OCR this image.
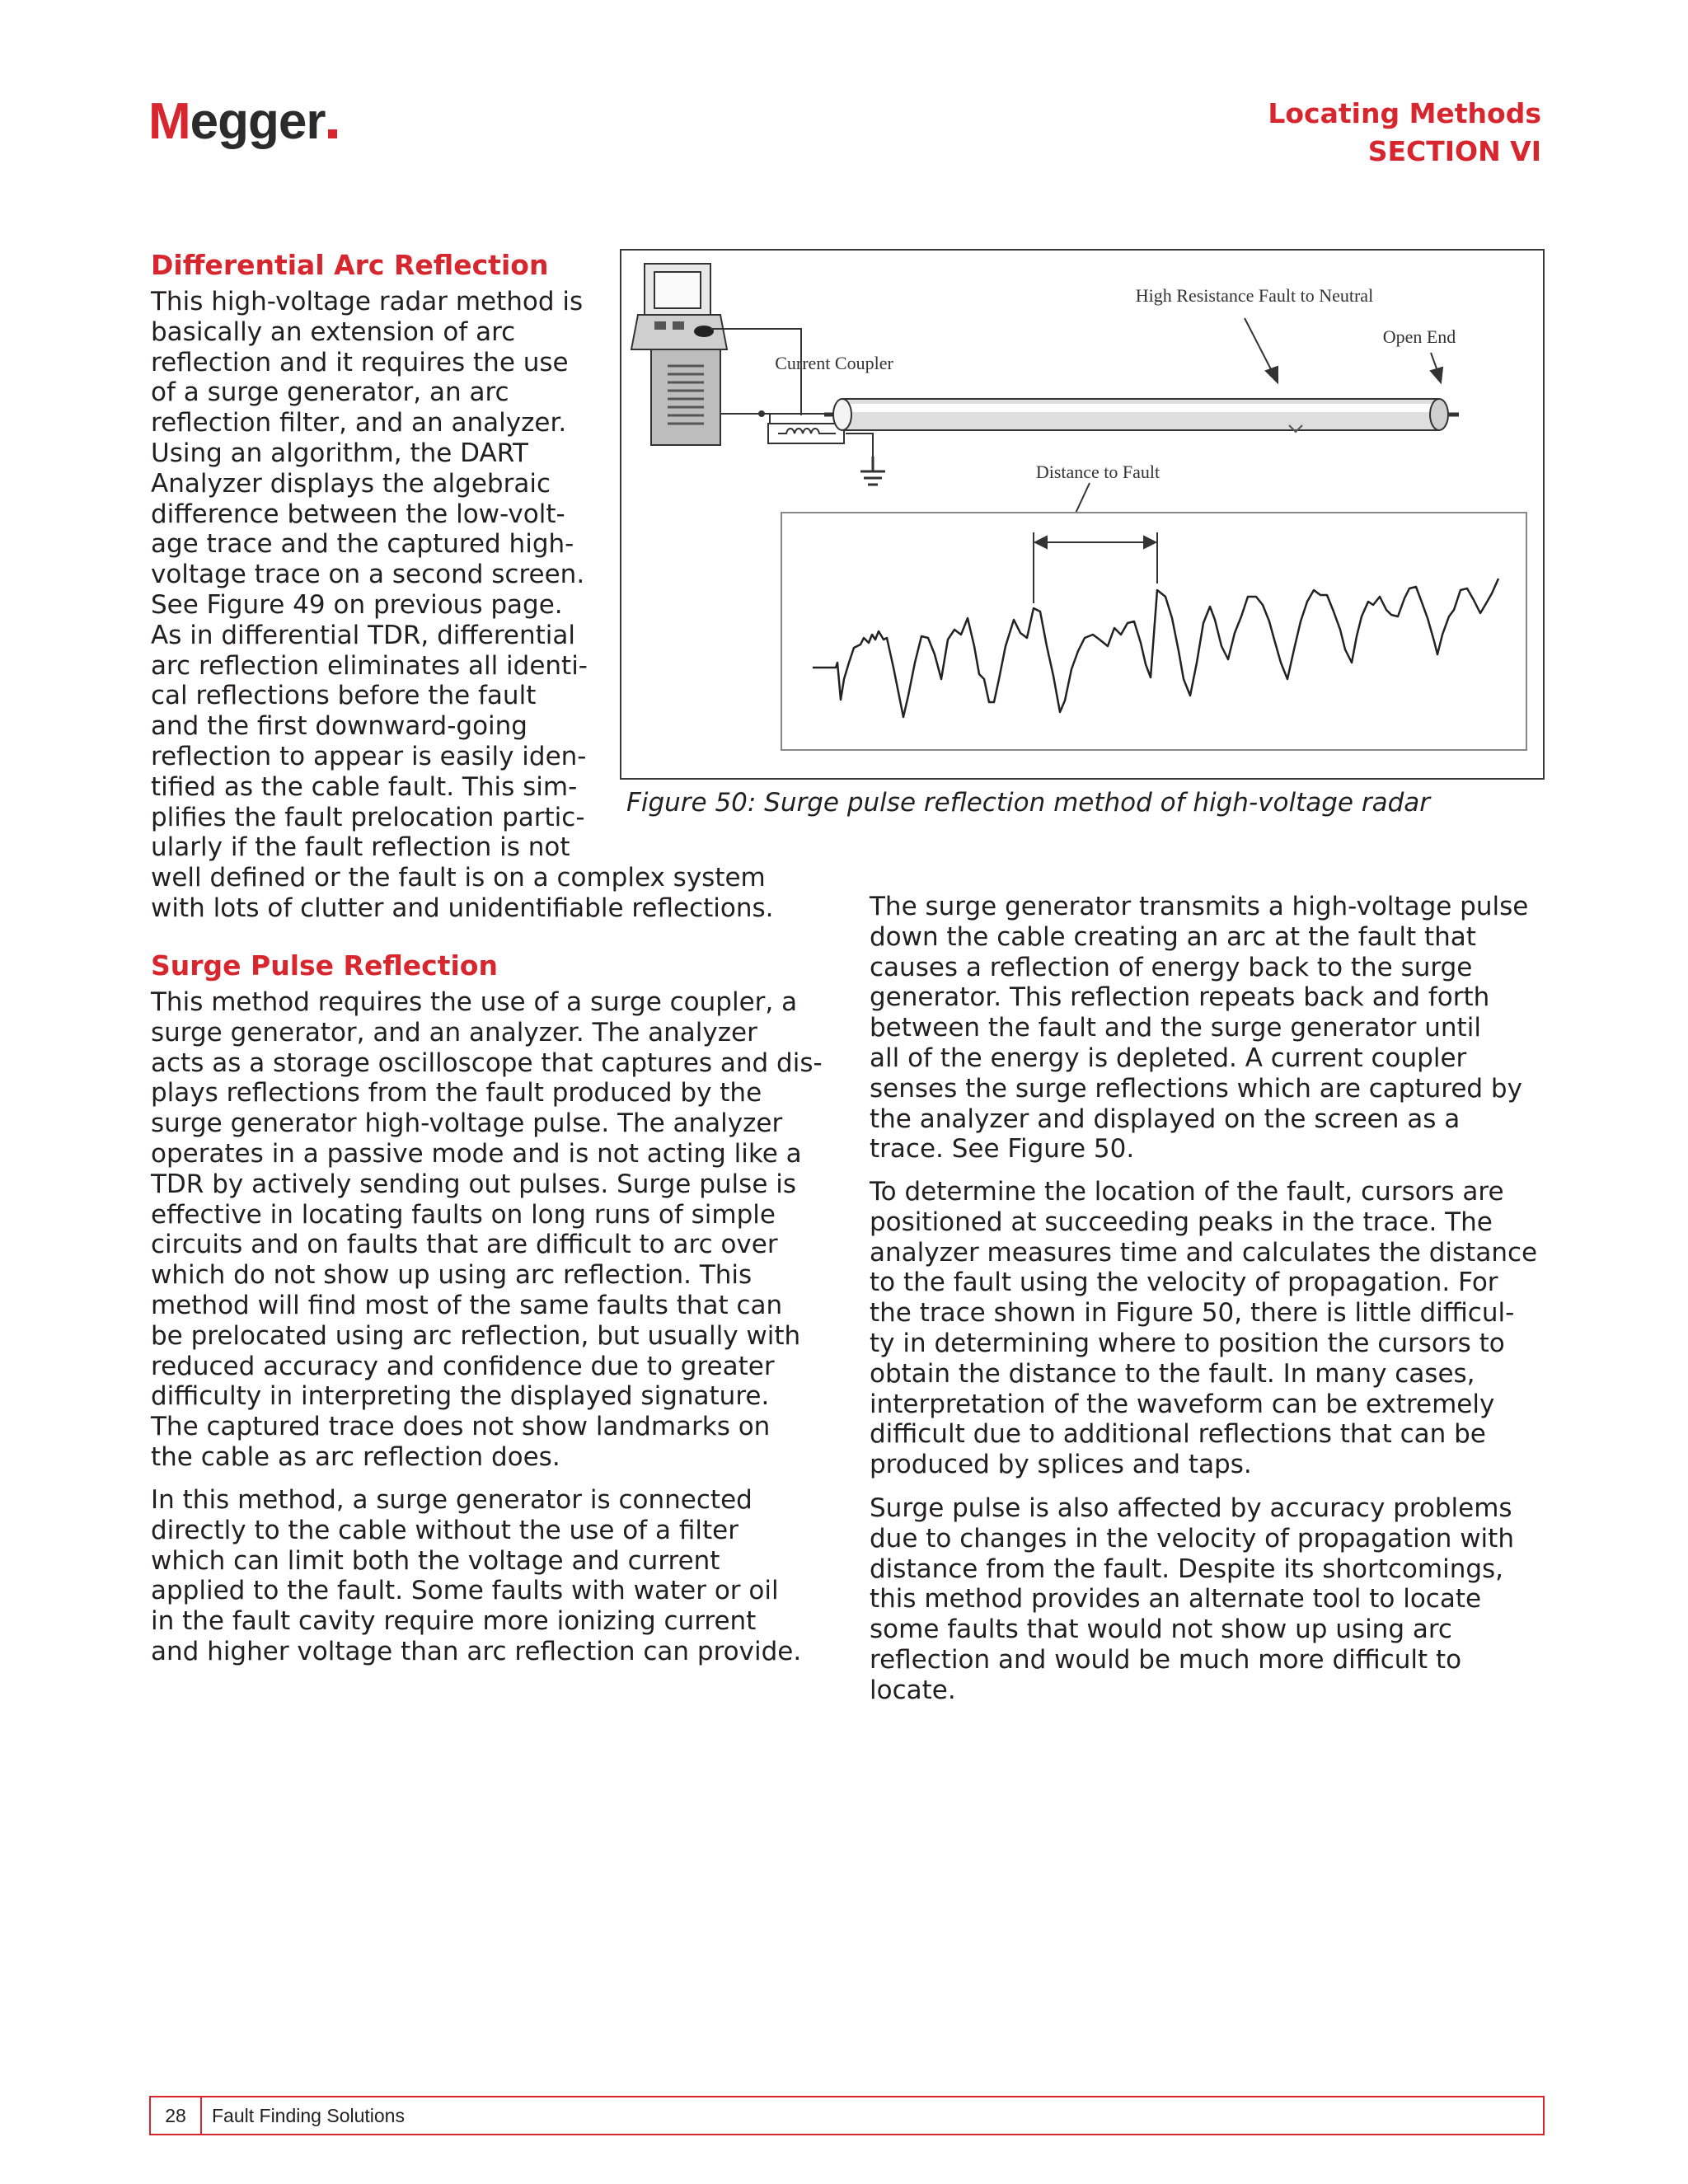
Megger	Locating Methods
SECTION VI
Differential Arc Reflection
This high-voltage radar method is
basically an extension of arc
reflection and it requires the use
of a surge generator, an arc
reflection filter, and an analyzer.
Using an algorithm, the DART
Analyzer displays the algebraic
difference between the low-volt-
age trace and the captured high-
voltage trace on a second screen.
See Figure 49 on previous page.
As in differential TDR, differential
arc reflection eliminates all identi-
cal reflections before the fault
and the first downward-going
reflection to appear is easily iden-
tified as the cable fault. This sim-
plifies the fault prelocation partic-
ularly if the fault reflection is not
well defined or the fault is on a complex system
with lots of clutter and unidentifiable reflections.
High Resistance Fault to Neutral
Open End
Current Coupler
Distance to Fault

Figure 50: Surge pulse reflection method of high-voltage radar

Surge Pulse Reflection
This method requires the use of a surge coupler, a
surge generator, and an analyzer. The analyzer
acts as a storage oscilloscope that captures and dis-
plays reflections from the fault produced by the
surge generator high-voltage pulse. The analyzer
operates in a passive mode and is not acting like a
TDR by actively sending out pulses. Surge pulse is
effective in locating faults on long runs of simple
circuits and on faults that are difficult to arc over
which do not show up using arc reflection. This
method will find most of the same faults that can
be prelocated using arc reflection, but usually with
reduced accuracy and confidence due to greater
difficulty in interpreting the displayed signature.
The captured trace does not show landmarks on
the cable as arc reflection does.
In this method, a surge generator is connected
directly to the cable without the use of a filter
which can limit both the voltage and current
applied to the fault. Some faults with water or oil
in the fault cavity require more ionizing current
and higher voltage than arc reflection can provide.
The surge generator transmits a high-voltage pulse
down the cable creating an arc at the fault that
causes a reflection of energy back to the surge
generator. This reflection repeats back and forth
between the fault and the surge generator until
all of the energy is depleted. A current coupler
senses the surge reflections which are captured by
the analyzer and displayed on the screen as a
trace. See Figure 50.
To determine the location of the fault, cursors are
positioned at succeeding peaks in the trace. The
analyzer measures time and calculates the distance
to the fault using the velocity of propagation. For
the trace shown in Figure 50, there is little difficul-
ty in determining where to position the cursors to
obtain the distance to the fault. In many cases,
interpretation of the waveform can be extremely
difficult due to additional reflections that can be
produced by splices and taps.
Surge pulse is also affected by accuracy problems
due to changes in the velocity of propagation with
distance from the fault. Despite its shortcomings,
this method provides an alternate tool to locate
some faults that would not show up using arc
reflection and would be much more difficult to
locate.
28	Fault Finding Solutions
